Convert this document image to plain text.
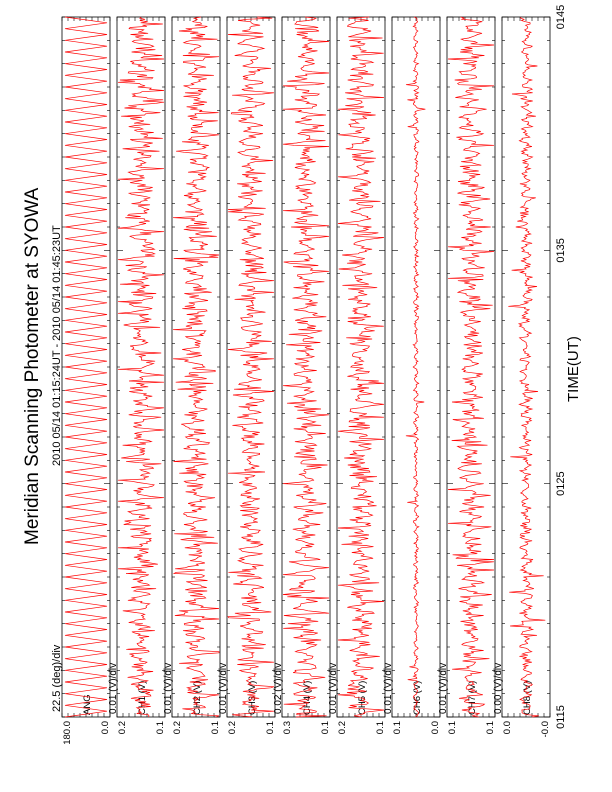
180.0	0.0
ANG
0.2	0.1
CH1 (V)
0.01 (V)/div
0.2	0.1
CH2 (V)
0.01 (V)/div
0.2	0.1
CH3 (V)
0.01 (V)/div
0.3	0.1
CH4 (V)
0.02 (V)/div
0.2	0.1
CH5 (V)
0.01 (V)/div
0.1	0.0
CH6 (V)
0.01 (V)/div
0.1	0.1
CH7 (V)
0.01 (V)/div
0.0	-0.0
CH8 (V)
0.00 (V)/div
Meridian Scanning Photometer at SYOWA
22.5 (deg)/div
2010 05/14 01:15:24UT - 2010 05/14 01:45:23UT	TIME(UT)
0115
0125
0135
0145
